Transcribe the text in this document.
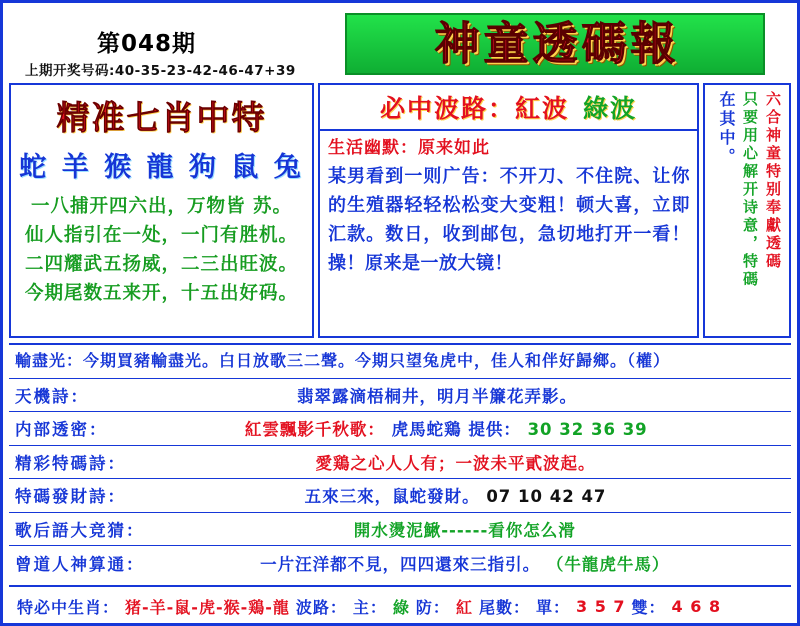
第048期
上期开奖号码:40-35-23-42-46-47+39
神童透碼報
精准七肖中特
蛇 羊 猴 龍 狗 鼠 兔
一八捕开四六出，万物皆 苏。
仙人指引在一处，一门有胜机。
二四耀武五扬威，二三出旺波。
今期尾数五来开，十五出好码。
必中波路： 紅波 綠波
生活幽默：原来如此
某男看到一则广告：不开刀、不住院、让你的生殖器轻轻松松变大变粗！顿大喜，立即汇款。数日，收到邮包，急切地打开一看！操！原来是一放大镜！	六合神童特别奉獻透碼
只要用心解开诗意，特碼
在其中。
輸盡光：今期買豬輸盡光。白日放歌三二聲。今期只望兔虎中，佳人和伴好歸鄉。（權）
天機詩：	翡翠露滴梧桐井，明月半簾花弄影。
内部透密：	紅雲飄影千秋歌： 虎馬蛇鶏 提供： 30 32 36 39
精彩特碼詩：	愛鶏之心人人有；一波未平貳波起。
特碼發財詩：	五來三來，鼠蛇發財。 07 10 42 47
歌后語大竞猜：	開水燙泥鰍------看你怎么滑
曾道人神算通：	一片汪洋都不見，四四還來三指引。 （牛龍虎牛馬）
特必中生肖： 猪-羊-鼠-虎-猴-鶏-龍 波路： 主： 綠 防： 紅 尾數： 單： 3 5 7 雙： 4 6 8
